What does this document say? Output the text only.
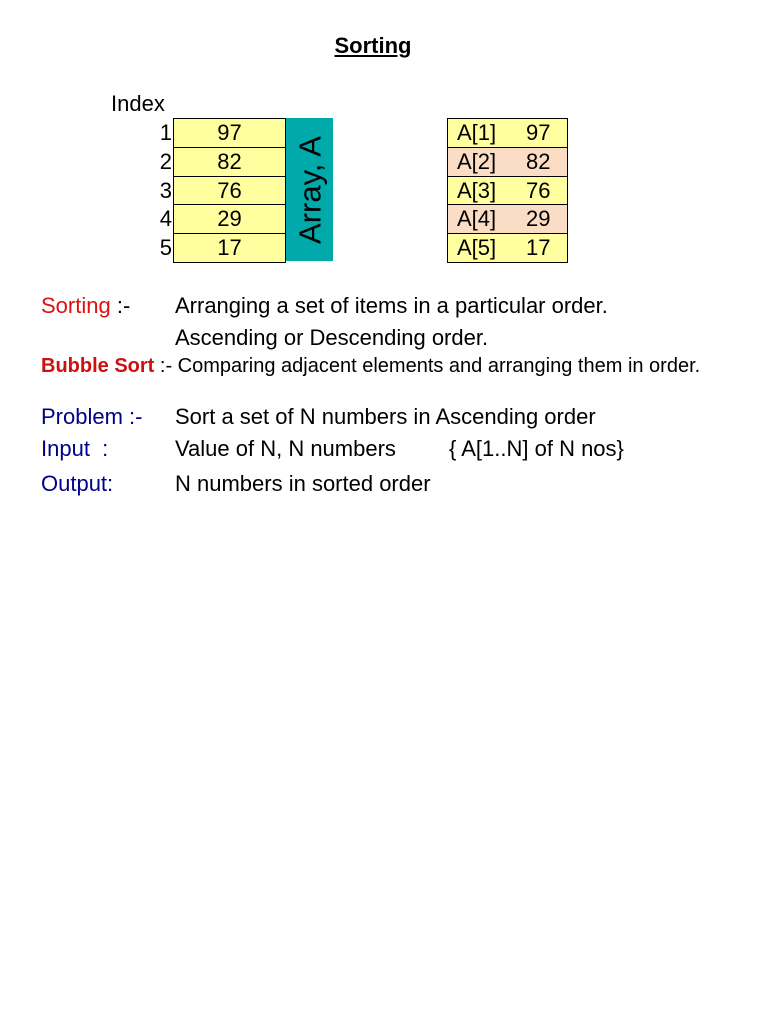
Sorting
Index
1
2
3
4
5
97
82
76
29
17
Array, A
A[1] 97
A[2] 82
A[3] 76
A[4] 29
A[5] 17
Sorting :- Arranging a set of items in a particular order.
Ascending or Descending order.
Bubble Sort :- Comparing adjacent elements and arranging them in order.
Problem :- Sort a set of N numbers in Ascending order
Input  :	Value of N, N numbers { A[1..N] of N nos}
Output:	N numbers in sorted order
